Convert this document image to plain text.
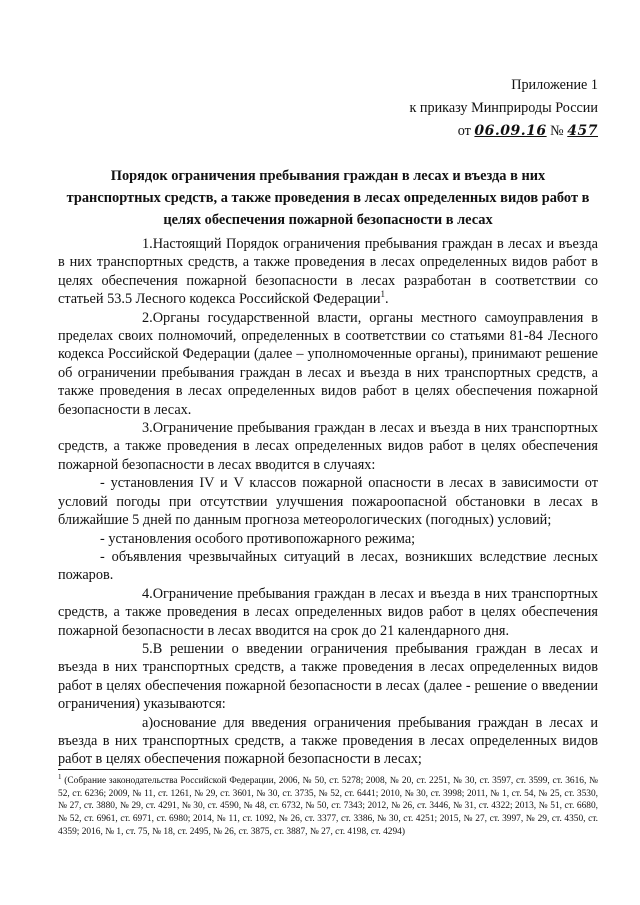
Приложение 1
к приказу Минприроды России
от 06.09.16 № 457
Порядок ограничения пребывания граждан в лесах и въезда в них
транспортных средств, а также проведения в лесах определенных видов работ в
целях обеспечения пожарной безопасности в лесах

1.Настоящий Порядок ограничения пребывания граждан в лесах и въезда в них транспортных средств, а также проведения в лесах определенных видов работ в целях обеспечения пожарной безопасности в лесах разработан в соответствии со статьей 53.5 Лесного кодекса Российской Федерации$^1$.

2.Органы государственной власти, органы местного самоуправления в пределах своих полномочий, определенных в соответствии со статьями 81-84 Лесного кодекса Российской Федерации (далее – уполномоченные органы), принимают решение об ограничении пребывания граждан в лесах и въезда в них транспортных средств, а также проведения в лесах определенных видов работ в целях обеспечения пожарной безопасности в лесах.

3.Ограничение пребывания граждан в лесах и въезда в них транспортных средств, а также проведения в лесах определенных видов работ в целях обеспечения пожарной безопасности в лесах вводится в случаях:

- установления IV и V классов пожарной опасности в лесах в зависимости от условий погоды при отсутствии улучшения пожароопасной обстановки в лесах в ближайшие 5 дней по данным прогноза метеорологических (погодных) условий;

- установления особого противопожарного режима;

- объявления чрезвычайных ситуаций в лесах, возникших вследствие лесных пожаров.

4.Ограничение пребывания граждан в лесах и въезда в них транспортных средств, а также проведения в лесах определенных видов работ в целях обеспечения пожарной безопасности в лесах вводится на срок до 21 календарного дня.

5.В решении о введении ограничения пребывания граждан в лесах и въезда в них транспортных средств, а также проведения в лесах определенных видов работ в целях обеспечения пожарной безопасности в лесах (далее - решение о введении ограничения) указываются:

а)основание для введения ограничения пребывания граждан в лесах и въезда в них транспортных средств, а также проведения в лесах определенных видов работ в целях обеспечения пожарной безопасности в лесах;

$^1$ (Собрание законодательства Российской Федерации, 2006, № 50, ст. 5278; 2008, № 20, ст. 2251, № 30, ст. 3597, ст. 3599, ст. 3616, № 52, ст. 6236; 2009, № 11, ст. 1261, № 29, ст. 3601, № 30, ст. 3735, № 52, ст. 6441; 2010, № 30, ст. 3998; 2011, № 1, ст. 54, № 25, ст. 3530, № 27, ст. 3880, № 29, ст. 4291, № 30, ст. 4590, № 48, ст. 6732, № 50, ст. 7343; 2012, № 26, ст. 3446, № 31, ст. 4322; 2013, № 51, ст. 6680, № 52, ст. 6961, ст. 6971, ст. 6980; 2014, № 11, ст. 1092, № 26, ст. 3377, ст. 3386, № 30, ст. 4251; 2015, № 27, ст. 3997, № 29, ст. 4350, ст. 4359; 2016, № 1, ст. 75, № 18, ст. 2495, № 26, ст. 3875, ст. 3887, № 27, ст. 4198, ст. 4294)
